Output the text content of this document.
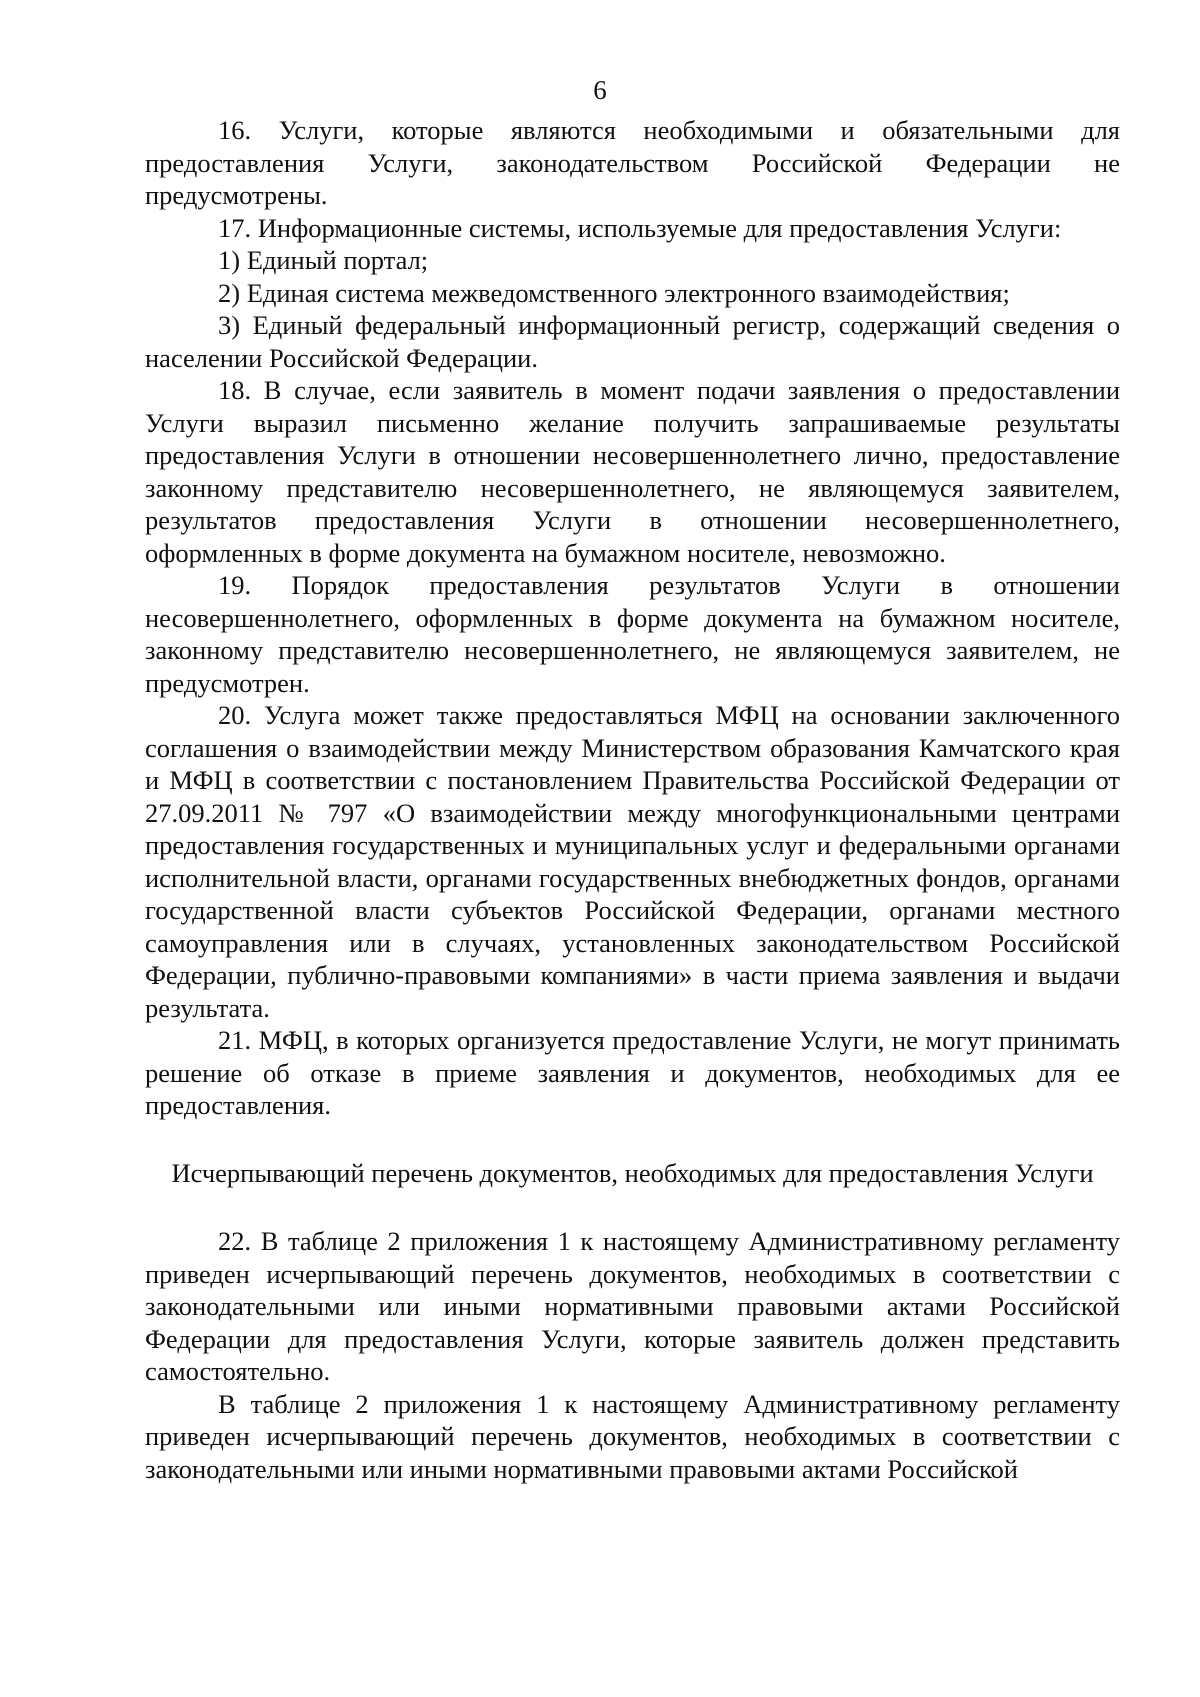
6

16. Услуги, которые являются необходимыми и обязательными для предоставления Услуги, законодательством Российской Федерации не предусмотрены.

17. Информационные системы, используемые для предоставления Услуги:

1) Единый портал;

2) Единая система межведомственного электронного взаимодействия;

3) Единый федеральный информационный регистр, содержащий сведения о населении Российской Федерации.

18. В случае, если заявитель в момент подачи заявления о предоставлении Услуги выразил письменно желание получить запрашиваемые результаты предоставления Услуги в отношении несовершеннолетнего лично, предоставление законному представителю несовершеннолетнего, не являющемуся заявителем, результатов предоставления Услуги в отношении несовершеннолетнего, оформленных в форме документа на бумажном носителе, невозможно.

19. Порядок предоставления результатов Услуги в отношении несовершеннолетнего, оформленных в форме документа на бумажном носителе, законному представителю несовершеннолетнего, не являющемуся заявителем, не предусмотрен.

20. Услуга может также предоставляться МФЦ на основании заключенного соглашения о взаимодействии между Министерством образования Камчатского края и МФЦ в соответствии с постановлением Правительства Российской Федерации от 27.09.2011 № 797 «О взаимодействии между многофункциональными центрами предоставления государственных и муниципальных услуг и федеральными органами исполнительной власти, органами государственных внебюджетных фондов, органами государственной власти субъектов Российской Федерации, органами местного самоуправления или в случаях, установленных законодательством Российской Федерации, публично-правовыми компаниями» в части приема заявления и выдачи результата.

21. МФЦ, в которых организуется предоставление Услуги, не могут принимать решение об отказе в приеме заявления и документов, необходимых для ее предоставления.

Исчерпывающий перечень документов, необходимых для предоставления Услуги

22. В таблице 2 приложения 1 к настоящему Административному регламенту приведен исчерпывающий перечень документов, необходимых в соответствии с законодательными или иными нормативными правовыми актами Российской Федерации для предоставления Услуги, которые заявитель должен представить самостоятельно.

В таблице 2 приложения 1 к настоящему Административному регламенту приведен исчерпывающий перечень документов, необходимых в соответствии с законодательными или иными нормативными правовыми актами Российской
